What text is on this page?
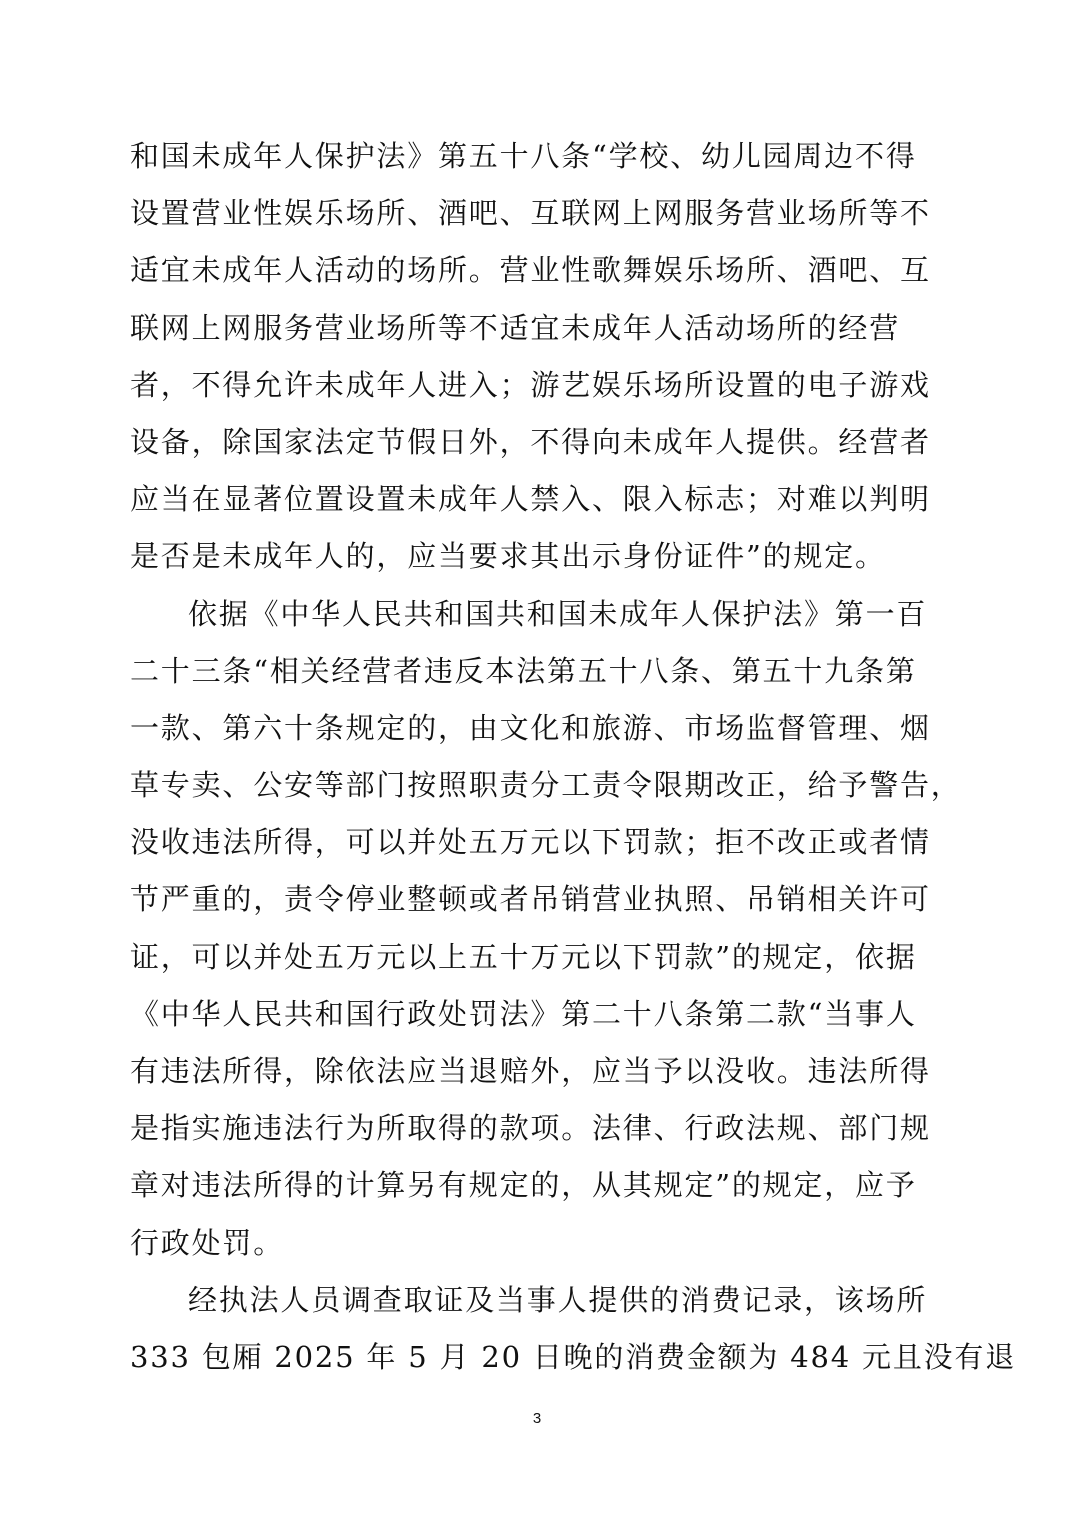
和国未成年人保护法》第五十八条“学校、幼儿园周边不得
设置营业性娱乐场所、酒吧、互联网上网服务营业场所等不
适宜未成年人活动的场所。营业性歌舞娱乐场所、酒吧、互
联网上网服务营业场所等不适宜未成年人活动场所的经营
者，不得允许未成年人进入；游艺娱乐场所设置的电子游戏
设备，除国家法定节假日外，不得向未成年人提供。经营者
应当在显著位置设置未成年人禁入、限入标志；对难以判明
是否是未成年人的，应当要求其出示身份证件”的规定。
依据《中华人民共和国共和国未成年人保护法》第一百
二十三条“相关经营者违反本法第五十八条、第五十九条第
一款、第六十条规定的，由文化和旅游、市场监督管理、烟
草专卖、公安等部门按照职责分工责令限期改正，给予警告，
没收违法所得，可以并处五万元以下罚款；拒不改正或者情
节严重的，责令停业整顿或者吊销营业执照、吊销相关许可
证，可以并处五万元以上五十万元以下罚款”的规定，依据
《中华人民共和国行政处罚法》第二十八条第二款“当事人
有违法所得，除依法应当退赔外，应当予以没收。违法所得
是指实施违法行为所取得的款项。法律、行政法规、部门规
章对违法所得的计算另有规定的，从其规定”的规定，应予
行政处罚。
经执法人员调查取证及当事人提供的消费记录，该场所
333 包厢 2025 年 5 月 20 日晚的消费金额为 484 元且没有退
3
